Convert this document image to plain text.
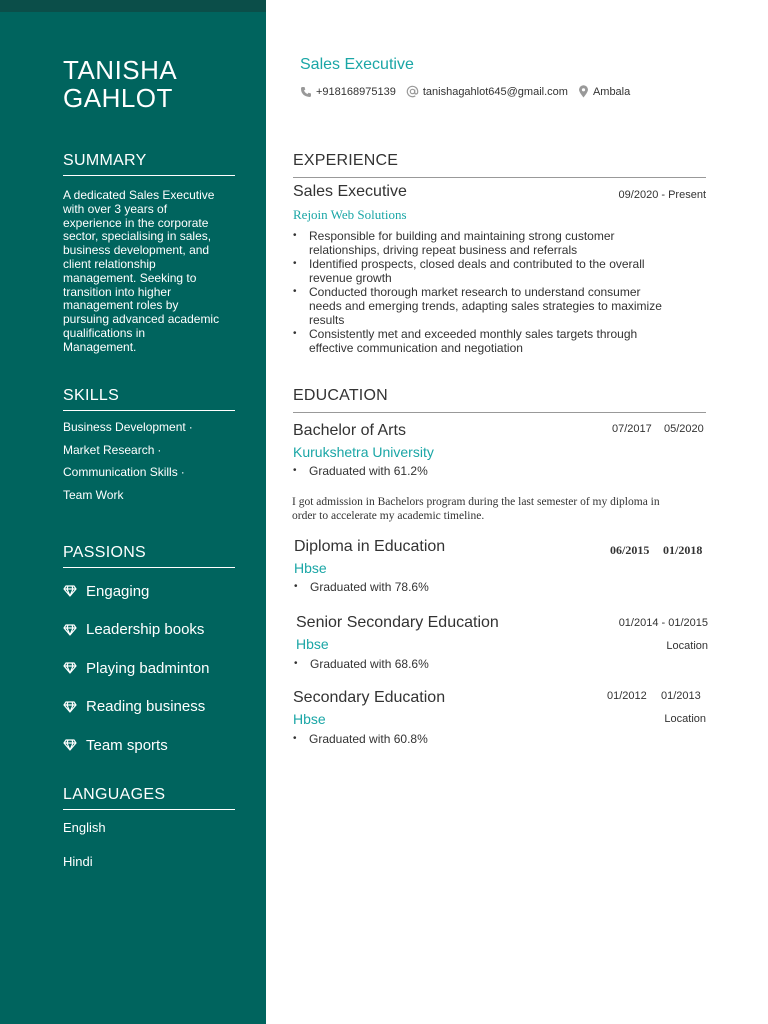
TANISHA
GAHLOT
SUMMARY
A dedicated Sales Executive
with over 3 years of
experience in the corporate
sector, specialising in sales,
business development, and
client relationship
management. Seeking to
transition into higher
management roles by
pursuing advanced academic
qualifications in
Management.
SKILLS
Business Development ·
Market Research ·
Communication Skills ·
Team Work
PASSIONS
Engaging
Leadership books
Playing badminton
Reading business
Team sports
LANGUAGES
English
Hindi
Sales Executive
+918168975139 tanishagahlot645@gmail.com Ambala
EXPERIENCE
Sales Executive	09/2020 - Present
Rejoin Web Solutions
• Responsible for building and maintaining strong customer
relationships, driving repeat business and referrals
• Identified prospects, closed deals and contributed to the overall
revenue growth
• Conducted thorough market research to understand consumer
needs and emerging trends, adapting sales strategies to maximize
results
• Consistently met and exceeded monthly sales targets through
effective communication and negotiation
EDUCATION
Bachelor of Arts	07/2017 05/2020
Kurukshetra University
• Graduated with 61.2%
I got admission in Bachelors program during the last semester of my diploma in
order to accelerate my academic timeline.
Diploma in Education	06/2015 01/2018
Hbse
• Graduated with 78.6%
Senior Secondary Education	01/2014 - 01/2015
Location
Hbse
• Graduated with 68.6%
Secondary Education	01/2012 01/2013
Location
Hbse
• Graduated with 60.8%
